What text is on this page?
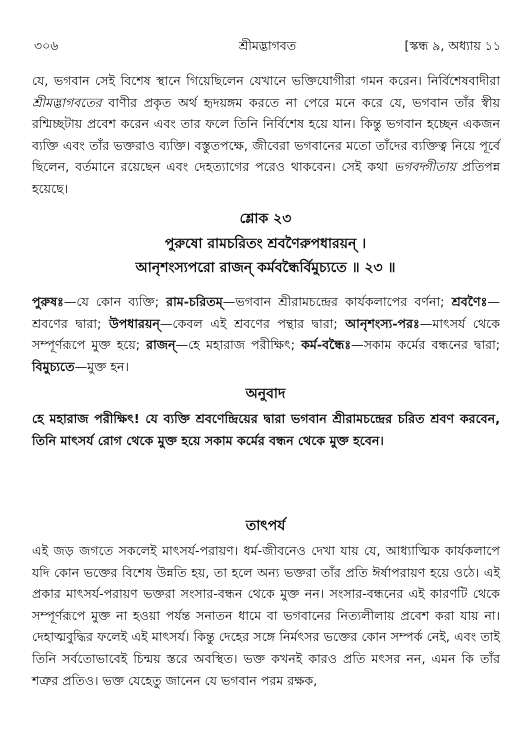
৩০৬	শ্রীমদ্ভাগবত	[স্কন্ধ ৯, অধ্যায় ১১

যে, ভগবান সেই বিশেষ স্থানে গিয়েছিলেন যেখানে ভক্তিযোগীরা গমন করেন। নির্বিশেষবাদীরা শ্রীমদ্ভাগবতের বাণীর প্রকৃত অর্থ হৃদয়ঙ্গম করতে না পেরে মনে করে যে, ভগবান তাঁর স্বীয় রশ্মিচ্ছটায় প্রবেশ করেন এবং তার ফলে তিনি নির্বিশেষ হয়ে যান। কিন্তু ভগবান হচ্ছেন একজন ব্যক্তি এবং তাঁর ভক্তরাও ব্যক্তি। বস্তুতপক্ষে, জীবেরা ভগবানের মতো তাঁদের ব্যক্তিত্ব নিয়ে পূর্বে ছিলেন, বর্তমানে রয়েছেন এবং দেহত্যাগের পরেও থাকবেন। সেই কথা ভগবদ্গীতায় প্রতিপন্ন হয়েছে।

শ্লোক ২৩

পুরুষো রামচরিতং শ্রবণৈরুপধারয়ন্ ।

আনৃশংস্যপরো রাজন্ কর্মবন্ধৈর্বিমুচ্যতে ॥ ২৩ ॥

পুরুষঃ—যে কোন ব্যক্তি; রাম-চরিতম্—ভগবান শ্রীরামচন্দ্রের কার্যকলাপের বর্ণনা; শ্রবণৈঃ—শ্রবণের দ্বারা; উপধারয়ন্—কেবল এই শ্রবণের পন্থার দ্বারা; আনৃশংস্য-পরঃ—মাৎসর্য থেকে সম্পূর্ণরূপে মুক্ত হয়ে; রাজন্—হে মহারাজ পরীক্ষিৎ; কর্ম-বন্ধৈঃ—সকাম কর্মের বন্ধনের দ্বারা; বিমুচ্যতে—মুক্ত হন।

অনুবাদ

হে মহারাজ পরীক্ষিৎ! যে ব্যক্তি শ্রবণেন্দ্রিয়ের দ্বারা ভগবান শ্রীরামচন্দ্রের চরিত শ্রবণ করবেন, তিনি মাৎসর্য রোগ থেকে মুক্ত হয়ে সকাম কর্মের বন্ধন থেকে মুক্ত হবেন।

তাৎপর্য

এই জড় জগতে সকলেই মাৎসর্য-পরায়ণ। ধর্ম-জীবনেও দেখা যায় যে, আধ্যাত্মিক কার্যকলাপে যদি কোন ভক্তের বিশেষ উন্নতি হয়, তা হলে অন্য ভক্তরা তাঁর প্রতি ঈর্ষাপরায়ণ হয়ে ওঠে। এই প্রকার মাৎসর্য-পরায়ণ ভক্তরা সংসার-বন্ধন থেকে মুক্ত নন। সংসার-বন্ধনের এই কারণটি থেকে সম্পূর্ণরূপে মুক্ত না হওয়া পর্যন্ত সনাতন ধামে বা ভগবানের নিত্যলীলায় প্রবেশ করা যায় না। দেহাত্মবুদ্ধির ফলেই এই মাৎসর্য। কিন্তু দেহের সঙ্গে নির্মৎসর ভক্তের কোন সম্পর্ক নেই, এবং তাই তিনি সর্বতোভাবেই চিন্ময় স্তরে অবস্থিত। ভক্ত কখনই কারও প্রতি মৎসর নন, এমন কি তাঁর শত্রুর প্রতিও। ভক্ত যেহেতু জানেন যে ভগবান পরম রক্ষক,
